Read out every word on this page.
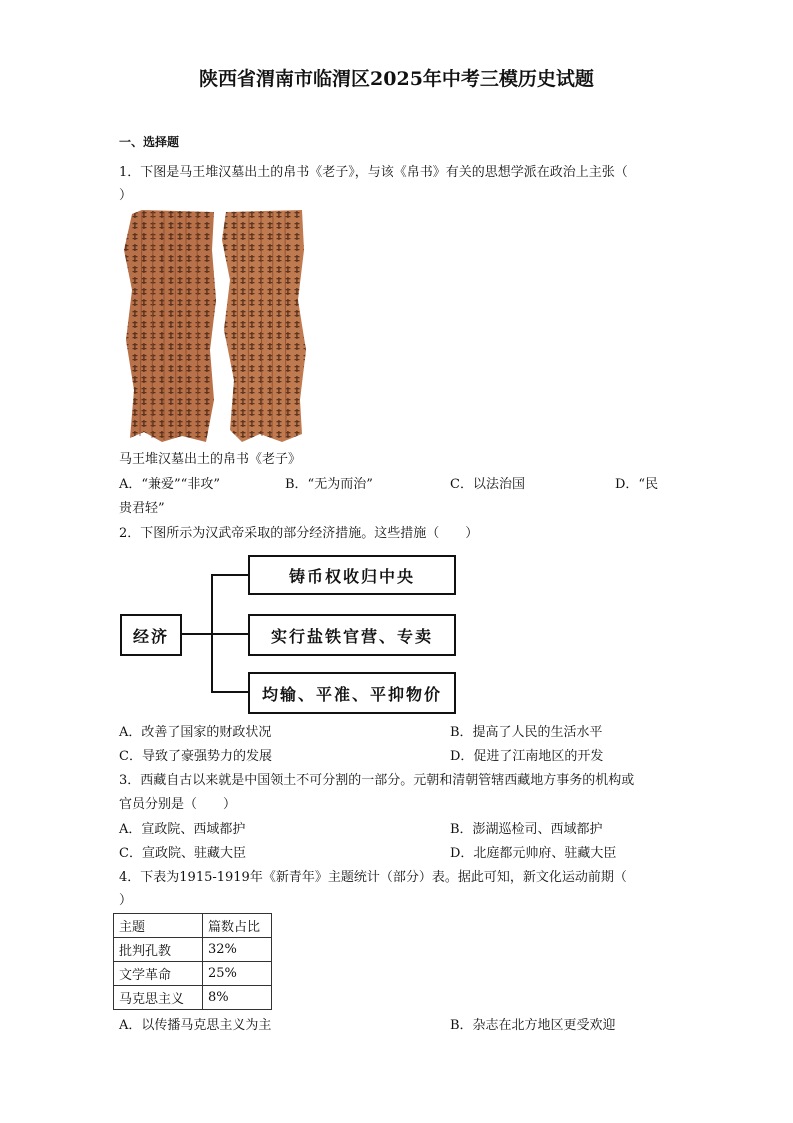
陕西省渭南市临渭区2025年中考三模历史试题
一、选择题
1．下图是马王堆汉墓出土的帛书《老子》，与该《帛书》有关的思想学派在政治上主张（
）
马王堆汉墓出土的帛书《老子》
A．“兼爱”“非攻”	B．“无为而治”	C．以法治国	D．“民
贵君轻”
2．下图所示为汉武帝采取的部分经济措施。这些措施（　　）
经济
铸币权收归中央
实行盐铁官营、专卖
均输、平准、平抑物价
A．改善了国家的财政状况	B．提高了人民的生活水平
C．导致了豪强势力的发展	D．促进了江南地区的开发
3．西藏自古以来就是中国领土不可分割的一部分。元朝和清朝管辖西藏地方事务的机构或
官员分别是（　　）
A．宣政院、西域都护	B．澎湖巡检司、西域都护
C．宣政院、驻藏大臣	D．北庭都元帅府、驻藏大臣
4．下表为1915-1919年《新青年》主题统计（部分）表。据此可知，新文化运动前期（
）
主题	篇数占比
批判孔教	32%
文学革命	25%
马克思主义	8%
A．以传播马克思主义为主	B．杂志在北方地区更受欢迎
